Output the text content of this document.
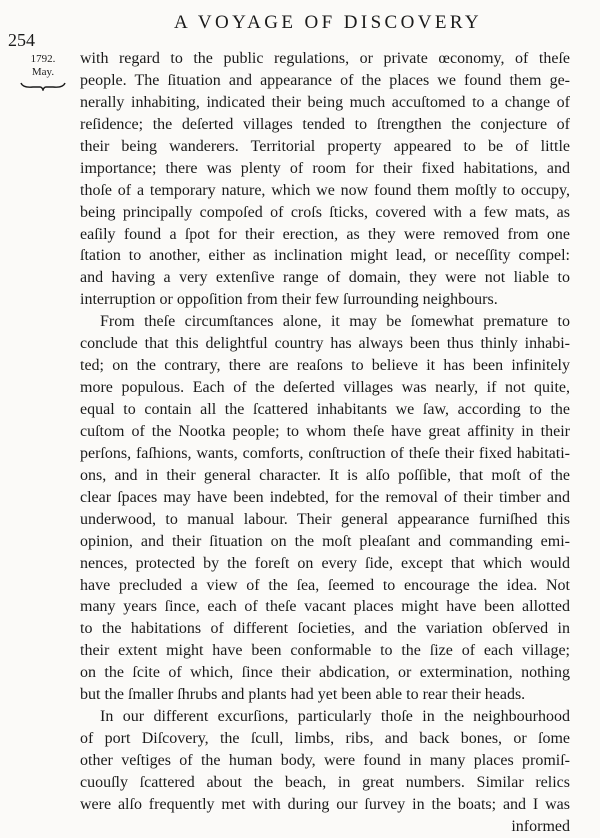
254
A VOYAGE OF DISCOVERY
1792.
May.
with regard to the public regulations, or private œconomy, of theſe
people. The ſituation and appearance of the places we found them ge-
nerally inhabiting, indicated their being much accuſtomed to a change of
reſidence; the deſerted villages tended to ſtrengthen the conjecture of
their being wanderers. Territorial property appeared to be of little
importance; there was plenty of room for their fixed habitations, and
thoſe of a temporary nature, which we now found them moſtly to occupy,
being principally compoſed of croſs ſticks, covered with a few mats, as
eaſily found a ſpot for their erection, as they were removed from one
ſtation to another, either as inclination might lead, or neceſſity compel:
and having a very extenſive range of domain, they were not liable to
interruption or oppoſition from their few ſurrounding neighbours.
From theſe circumſtances alone, it may be ſomewhat premature to
conclude that this delightful country has always been thus thinly inhabi-
ted; on the contrary, there are reaſons to believe it has been infinitely
more populous. Each of the deſerted villages was nearly, if not quite,
equal to contain all the ſcattered inhabitants we ſaw, according to the
cuſtom of the Nootka people; to whom theſe have great affinity in their
perſons, faſhions, wants, comforts, conſtruction of theſe their fixed habitati-
ons, and in their general character. It is alſo poſſible, that moſt of the
clear ſpaces may have been indebted, for the removal of their timber and
underwood, to manual labour. Their general appearance furniſhed this
opinion, and their ſituation on the moſt pleaſant and commanding emi-
nences, protected by the foreſt on every ſide, except that which would
have precluded a view of the ſea, ſeemed to encourage the idea. Not
many years ſince, each of theſe vacant places might have been allotted
to the habitations of different ſocieties, and the variation obſerved in
their extent might have been conformable to the ſize of each village;
on the ſcite of which, ſince their abdication, or extermination, nothing
but the ſmaller ſhrubs and plants had yet been able to rear their heads.
In our different excurſions, particularly thoſe in the neighbourhood
of port Diſcovery, the ſcull, limbs, ribs, and back bones, or ſome
other veſtiges of the human body, were found in many places promiſ-
cuouſly ſcattered about the beach, in great numbers. Similar relics
were alſo frequently met with during our ſurvey in the boats; and I was
informed
